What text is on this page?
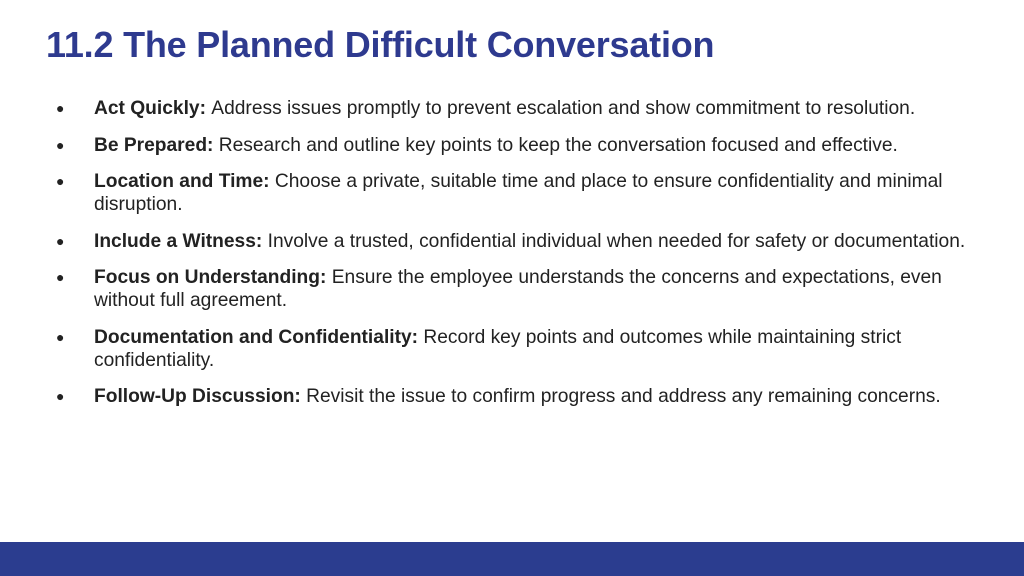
11.2 The Planned Difficult Conversation
● Act Quickly: Address issues promptly to prevent escalation and show commitment to resolution.
● Be Prepared: Research and outline key points to keep the conversation focused and effective.
● Location and Time: Choose a private, suitable time and place to ensure confidentiality and minimal disruption.
● Include a Witness: Involve a trusted, confidential individual when needed for safety or documentation.
● Focus on Understanding: Ensure the employee understands the concerns and expectations, even without full agreement.
● Documentation and Confidentiality: Record key points and outcomes while maintaining strict confidentiality.
● Follow-Up Discussion: Revisit the issue to confirm progress and address any remaining concerns.
